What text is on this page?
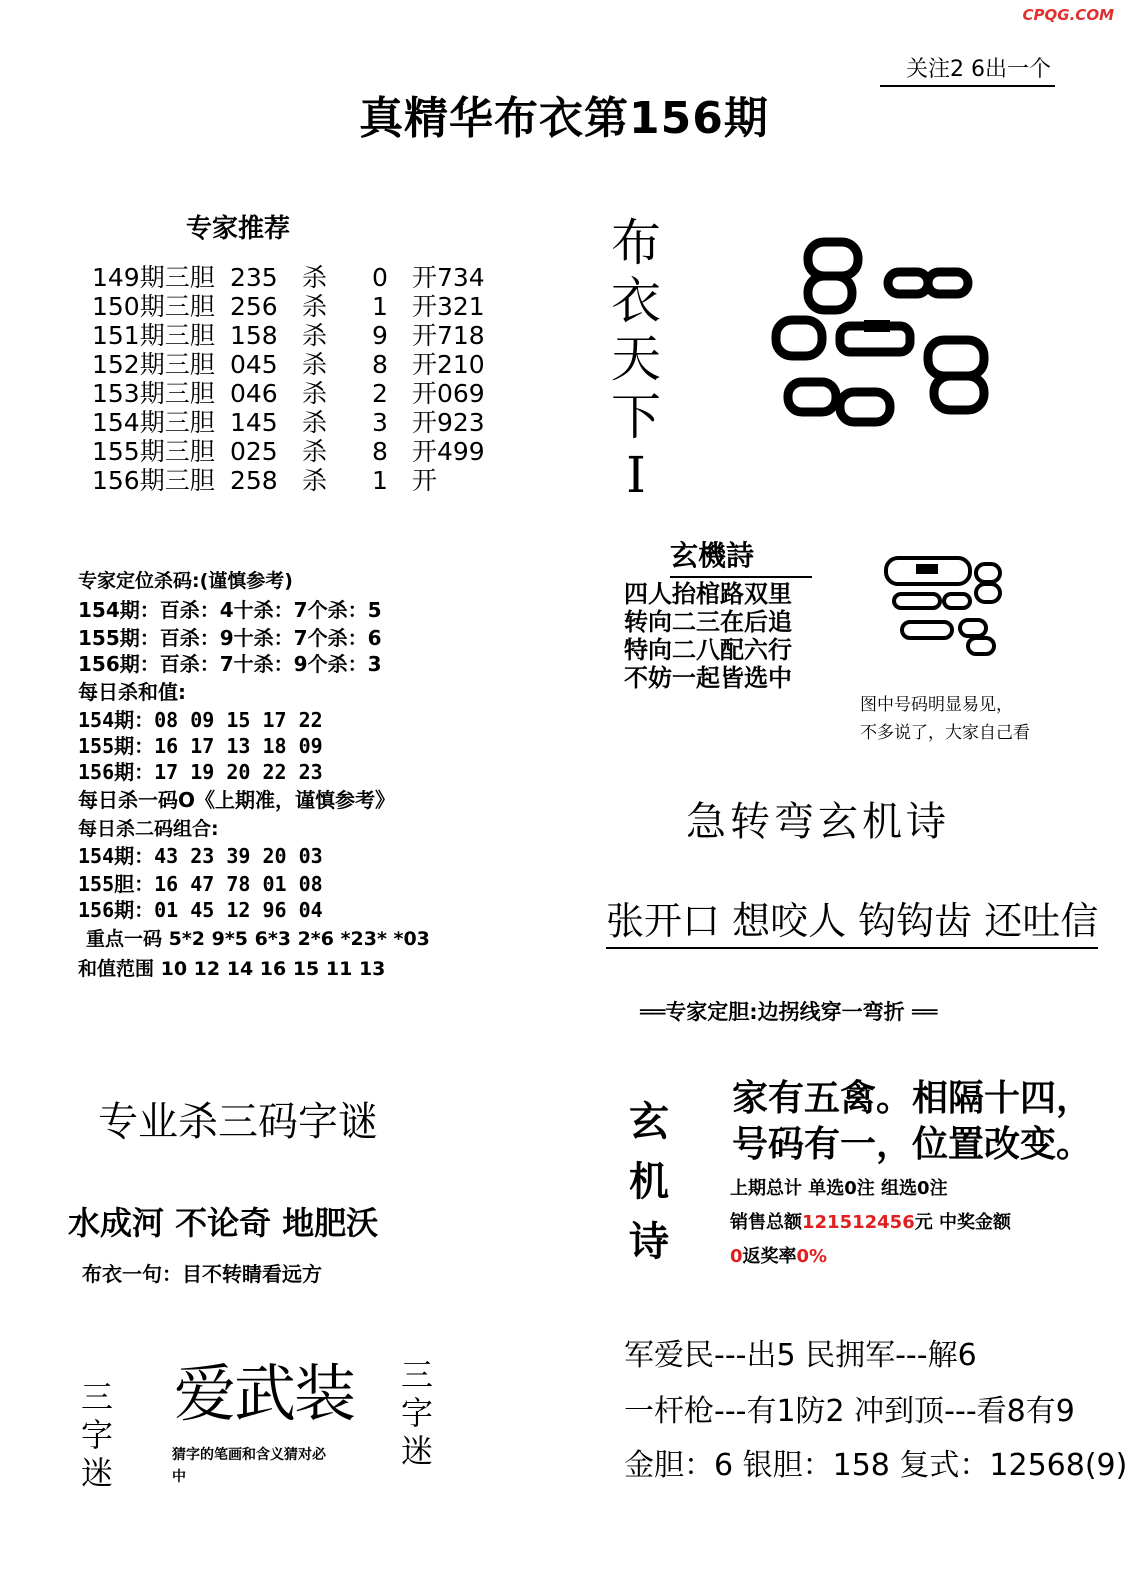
CPQG.COM
关注2 6出一个
真精华布衣第156期
专家推荐
149期三胆 235 杀 0 开734
150期三胆 256 杀 1 开321
151期三胆 158 杀 9 开718
152期三胆 045 杀 8 开210
153期三胆 046 杀 2 开069
154期三胆 145 杀 3 开923
155期三胆 025 杀 8 开499
156期三胆 258 杀 1 开
专家定位杀码:(谨慎参考)
154期：百杀：4十杀：7个杀：5
155期：百杀：9十杀：7个杀：6
156期：百杀：7十杀：9个杀：3
每日杀和值:
154期：08 09 15 17 22
155期：16 17 13 18 09
156期：17 19 20 22 23
每日杀一码O《上期准，谨慎参考》
每日杀二码组合:
154期：43 23 39 20 03
155胆：16 47 78 01 08
156期：01 45 12 96 04
重点一码 5*2 9*5 6*3 2*6 *23* *03
和值范围 10 12 14 16 15 11 13
布
衣
天
下
I
玄機詩
四人抬棺路双里
转向二三在后追
特向二八配六行
不妨一起皆选中
图中号码明显易见，
不多说了，大家自己看
急转弯玄机诗
张开口 想咬人 钩钩齿 还吐信
══专家定胆:边拐线穿一弯折 ══
玄
机
诗
家有五禽。相隔十四，
号码有一，位置改变。
上期总计 单选0注 组选0注
销售总额121512456元 中奖金额
0返奖率0%
军爱民---出5 民拥军---解6
一杆枪---有1防2 冲到顶---看8有9
金胆：6 银胆：158 复式：12568(9)
专业杀三码字谜
水成河 不论奇 地肥沃
布衣一句：目不转睛看远方
爱武装
三
字
迷
三
字
迷
猜字的笔画和含义猜对必中
